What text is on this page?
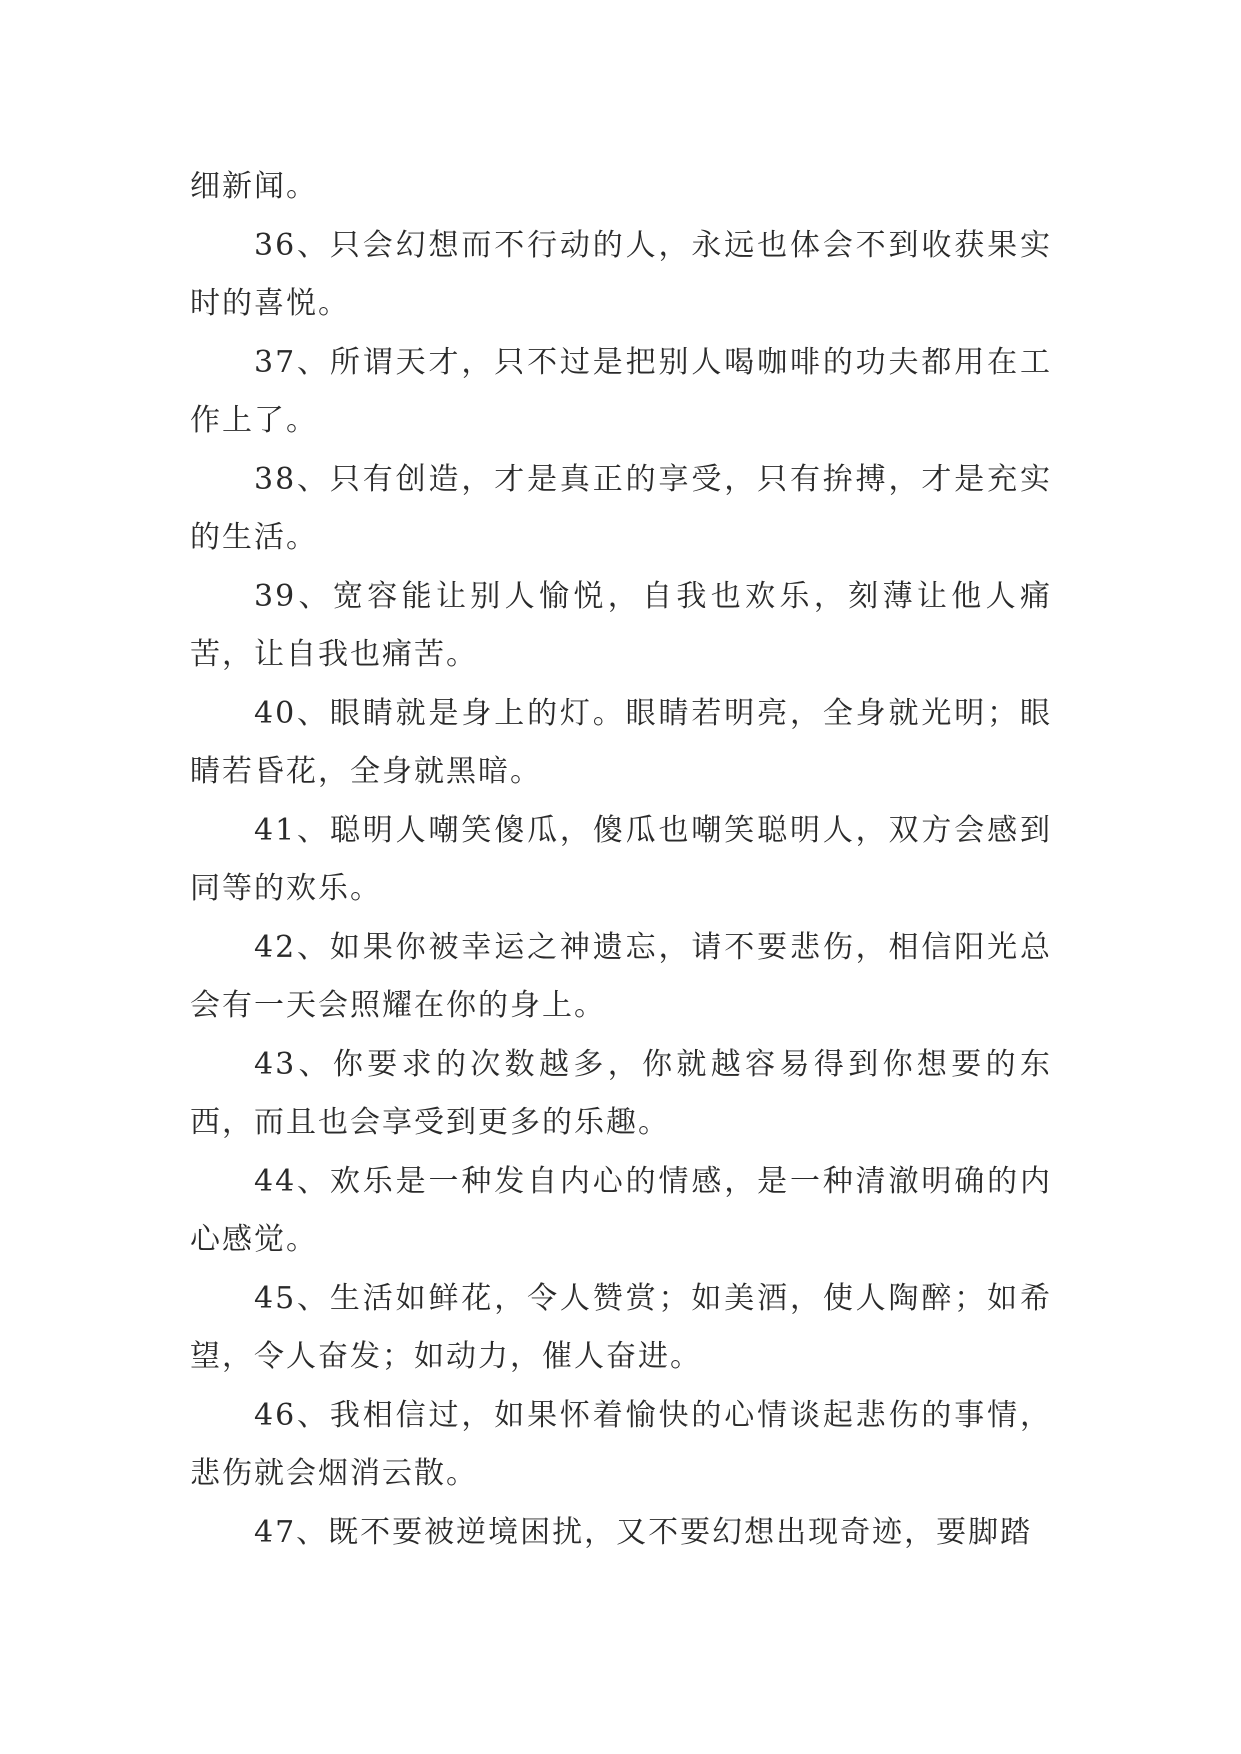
细新闻。

36、只会幻想而不行动的人，永远也体会不到收获果实时的喜悦。

37、所谓天才，只不过是把别人喝咖啡的功夫都用在工作上了。

38、只有创造，才是真正的享受，只有拚搏，才是充实的生活。

39、宽容能让别人愉悦，自我也欢乐，刻薄让他人痛苦，让自我也痛苦。

40、眼睛就是身上的灯。眼睛若明亮，全身就光明；眼睛若昏花，全身就黑暗。

41、聪明人嘲笑傻瓜，傻瓜也嘲笑聪明人，双方会感到同等的欢乐。

42、如果你被幸运之神遗忘，请不要悲伤，相信阳光总会有一天会照耀在你的身上。

43、你要求的次数越多，你就越容易得到你想要的东西，而且也会享受到更多的乐趣。

44、欢乐是一种发自内心的情感，是一种清澈明确的内心感觉。

45、生活如鲜花，令人赞赏；如美酒，使人陶醉；如希望，令人奋发；如动力，催人奋进。

46、我相信过，如果怀着愉快的心情谈起悲伤的事情，悲伤就会烟消云散。

47、既不要被逆境困扰，又不要幻想出现奇迹，要脚踏
